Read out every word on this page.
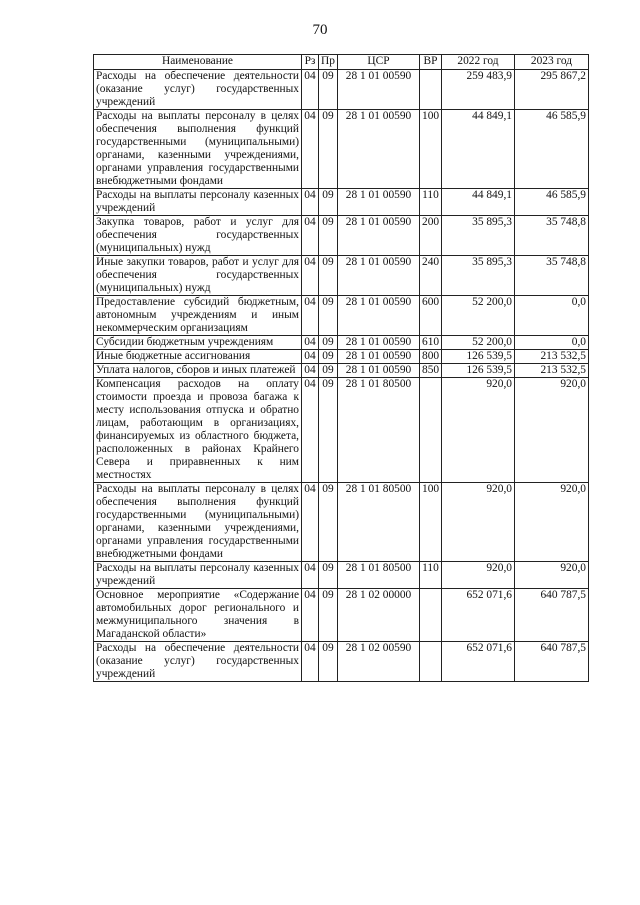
70
Наименование	Рз	Пр	ЦСР	ВР	2022 год	2023 год
Расходы на обеспечение деятельности (оказание услуг) государственных учреждений	04	09	28 1 01 00590		259 483,9	295 867,2
Расходы на выплаты персоналу в целях обеспечения выполнения функций государственными (муниципальными) органами, казенными учреждениями, органами управления государственными внебюджетными фондами	04	09	28 1 01 00590	100	44 849,1	46 585,9
Расходы на выплаты персоналу казенных учреждений	04	09	28 1 01 00590	110	44 849,1	46 585,9
Закупка товаров, работ и услуг для обеспечения государственных (муниципальных) нужд	04	09	28 1 01 00590	200	35 895,3	35 748,8
Иные закупки товаров, работ и услуг для обеспечения государственных (муниципальных) нужд	04	09	28 1 01 00590	240	35 895,3	35 748,8
Предоставление субсидий бюджетным, автономным учреждениям и иным некоммерческим организациям	04	09	28 1 01 00590	600	52 200,0	0,0
Субсидии бюджетным учреждениям	04	09	28 1 01 00590	610	52 200,0	0,0
Иные бюджетные ассигнования	04	09	28 1 01 00590	800	126 539,5	213 532,5
Уплата налогов, сборов и иных платежей	04	09	28 1 01 00590	850	126 539,5	213 532,5
Компенсация расходов на оплату стоимости проезда и провоза багажа к месту использования отпуска и обратно лицам, работающим в организациях, финансируемых из областного бюджета, расположенных в районах Крайнего Севера и приравненных к ним местностях	04	09	28 1 01 80500		920,0	920,0
Расходы на выплаты персоналу в целях обеспечения выполнения функций государственными (муниципальными) органами, казенными учреждениями, органами управления государственными внебюджетными фондами	04	09	28 1 01 80500	100	920,0	920,0
Расходы на выплаты персоналу казенных учреждений	04	09	28 1 01 80500	110	920,0	920,0
Основное мероприятие «Содержание автомобильных дорог регионального и межмуниципального значения в Магаданской области»	04	09	28 1 02 00000		652 071,6	640 787,5
Расходы на обеспечение деятельности (оказание услуг) государственных учреждений	04	09	28 1 02 00590		652 071,6	640 787,5
